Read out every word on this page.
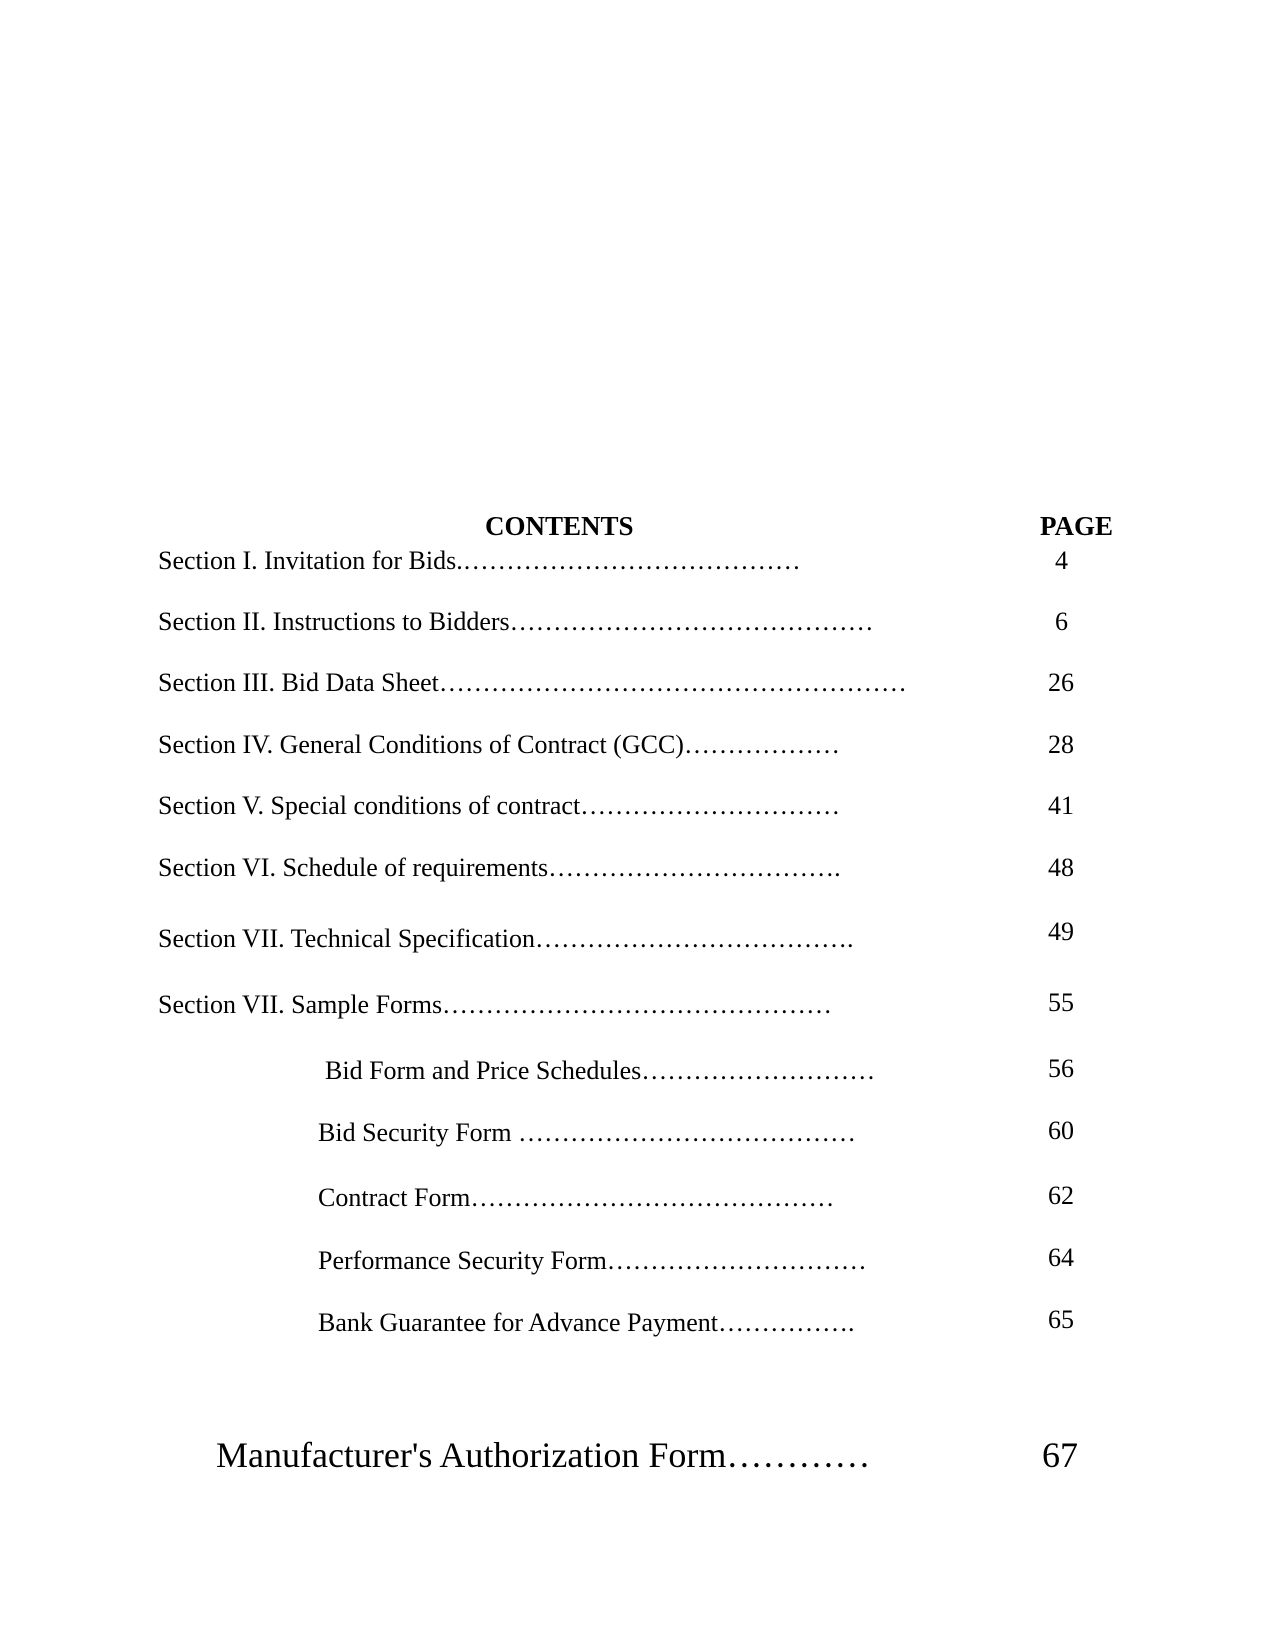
CONTENTS	PAGE
Section I. Invitation for Bids.…………………………………	4
Section II. Instructions to Bidders……………………………………	6
Section III. Bid Data Sheet………………………………………………	26
Section IV. General Conditions of Contract (GCC)………………	28
Section V. Special conditions of contract…………………………	41
Section VI. Schedule of requirements…………………………….	48
Section VII. Technical Specification……………………………….	49
Section VII. Sample Forms………………………………………	55
Bid Form and Price Schedules………………………	56
Bid Security Form …………………………………	60
Contract Form……………………………………	62
Performance Security Form…………………………	64
Bank Guarantee for Advance Payment…………….	65
Manufacturer's Authorization Form…………	67
